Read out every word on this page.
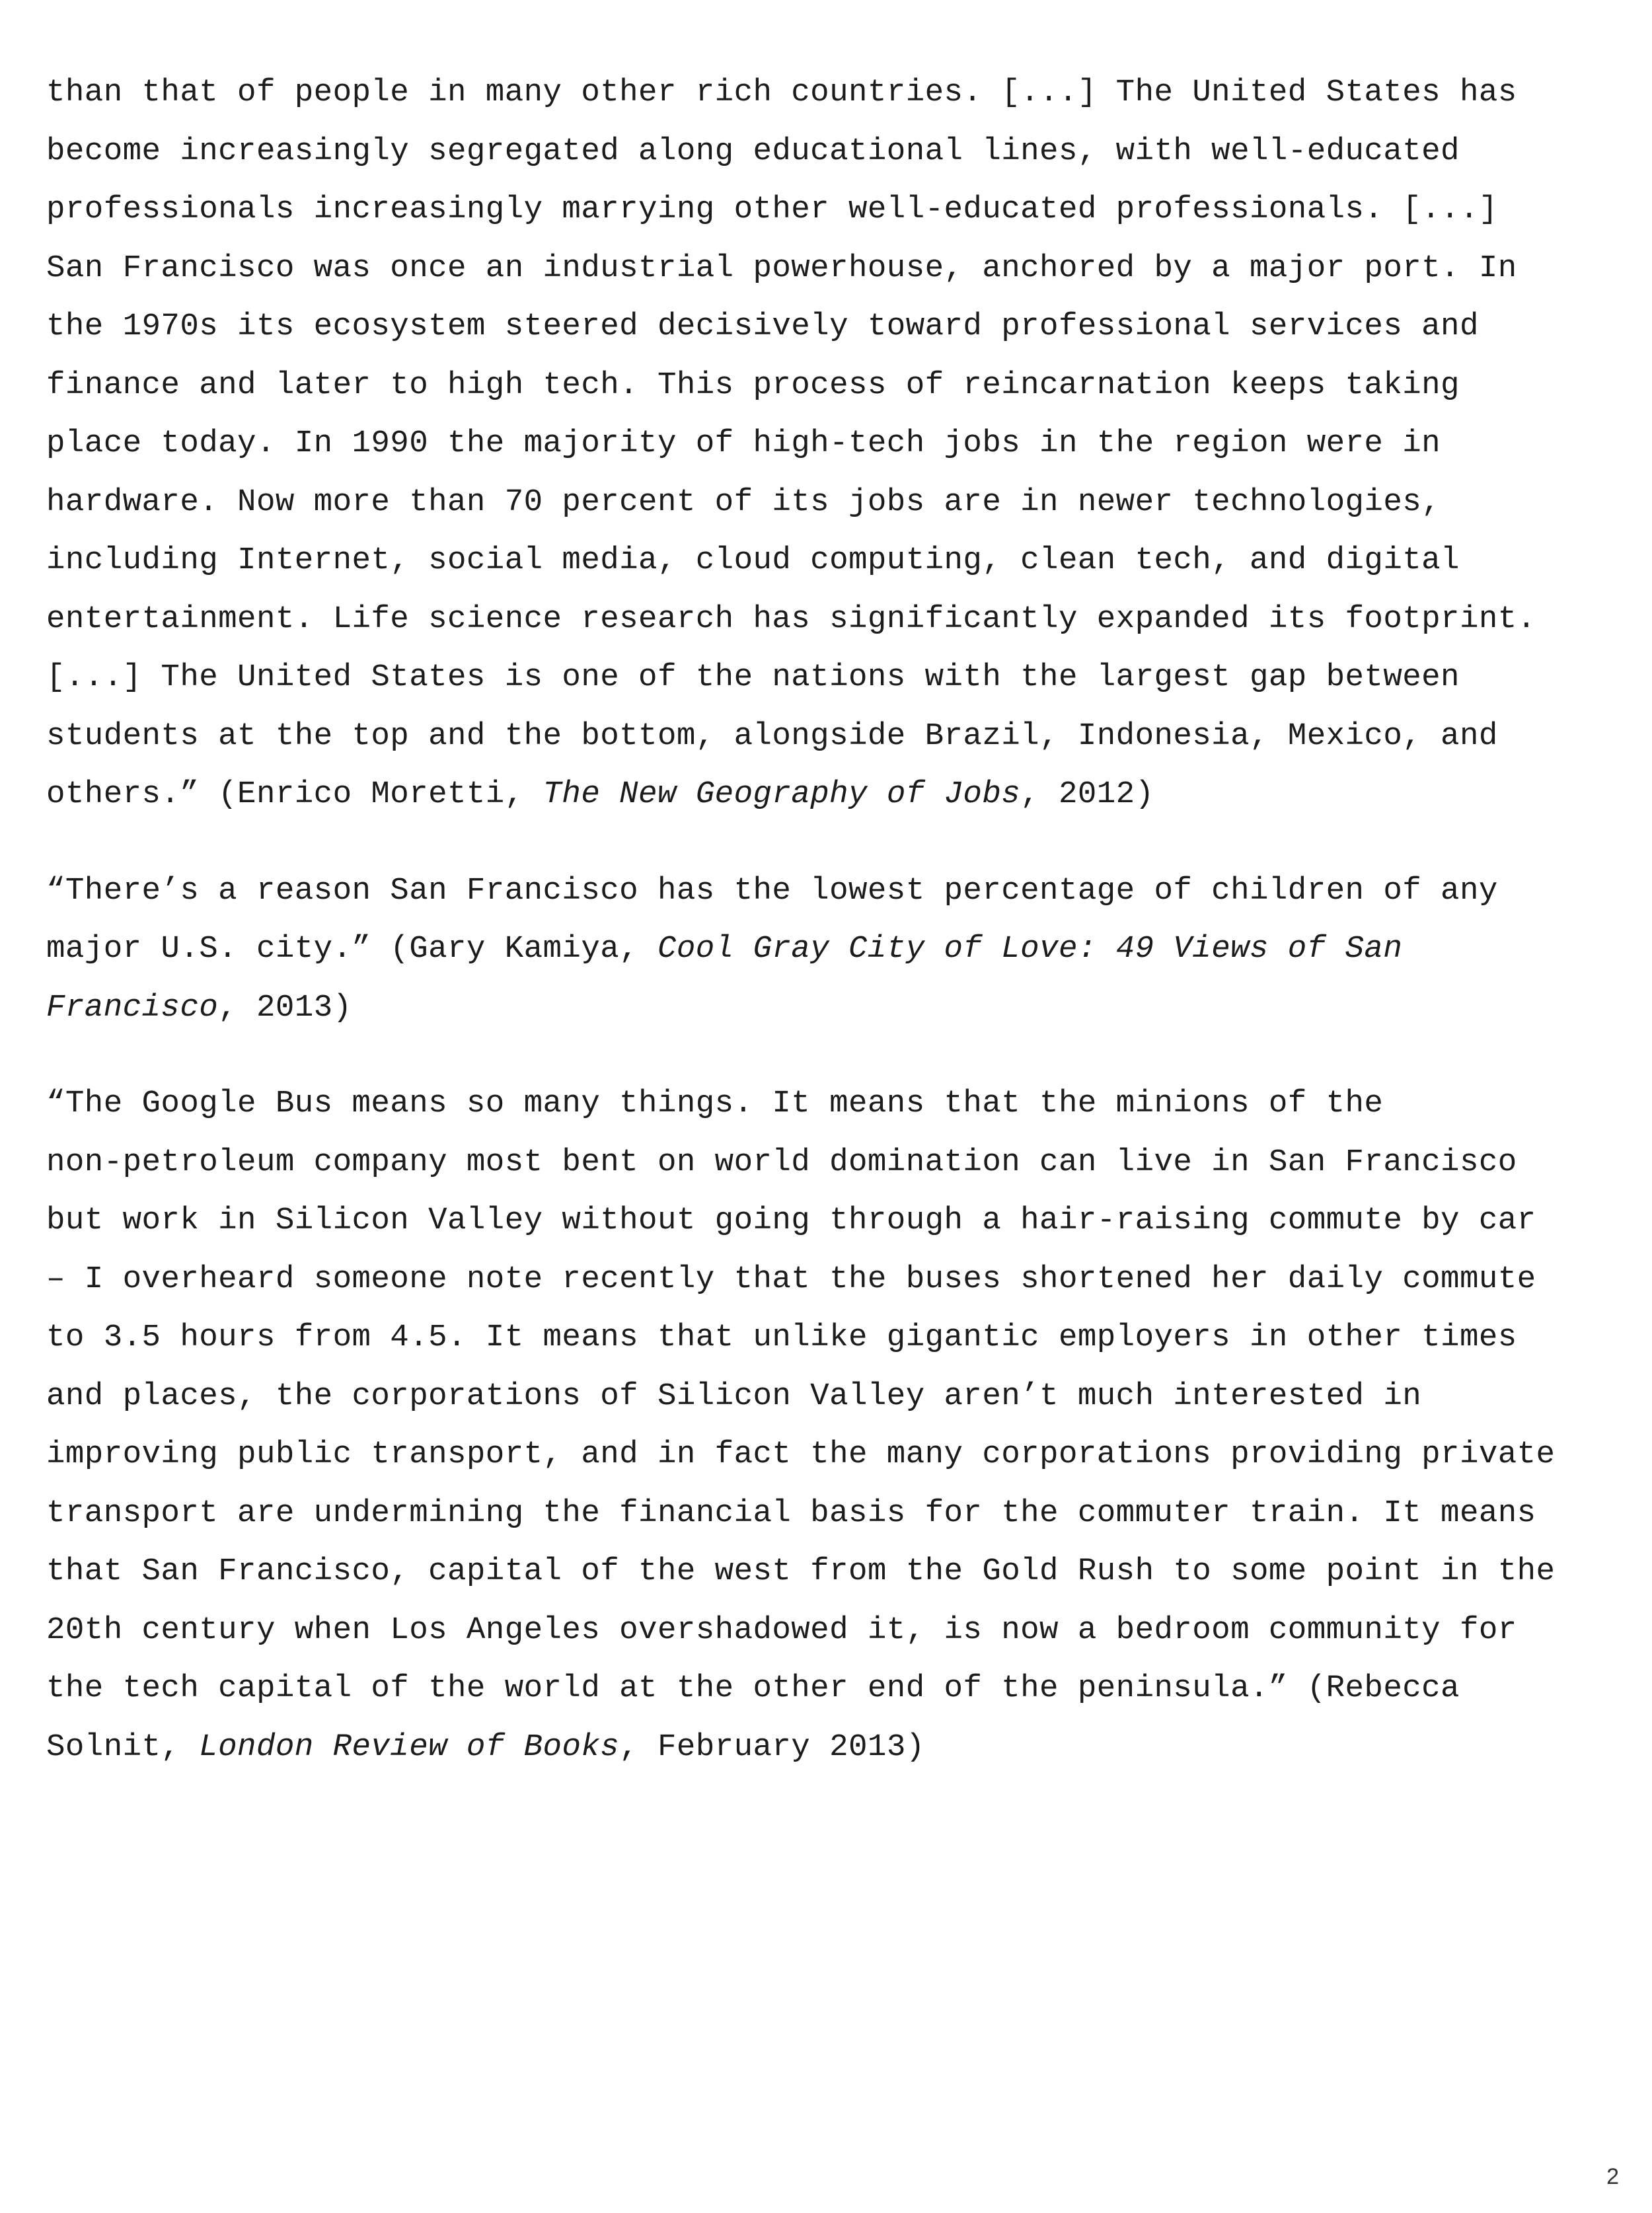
than that of people in many other rich countries. [...] The United States has
become increasingly segregated along educational lines, with well-educated
professionals increasingly marrying other well-educated professionals. [...]
San Francisco was once an industrial powerhouse, anchored by a major port. In
the 1970s its ecosystem steered decisively toward professional services and
finance and later to high tech. This process of reincarnation keeps taking
place today. In 1990 the majority of high-tech jobs in the region were in
hardware. Now more than 70 percent of its jobs are in newer technologies,
including Internet, social media, cloud computing, clean tech, and digital
entertainment. Life science research has significantly expanded its footprint.
[...] The United States is one of the nations with the largest gap between
students at the top and the bottom, alongside Brazil, Indonesia, Mexico, and
others.” (Enrico Moretti, The New Geography of Jobs, 2012)
“There’s a reason San Francisco has the lowest percentage of children of any
major U.S. city.” (Gary Kamiya, Cool Gray City of Love: 49 Views of San
Francisco, 2013)
“The Google Bus means so many things. It means that the minions of the
non-petroleum company most bent on world domination can live in San Francisco
but work in Silicon Valley without going through a hair-raising commute by car
– I overheard someone note recently that the buses shortened her daily commute
to 3.5 hours from 4.5. It means that unlike gigantic employers in other times
and places, the corporations of Silicon Valley aren’t much interested in
improving public transport, and in fact the many corporations providing private
transport are undermining the financial basis for the commuter train. It means
that San Francisco, capital of the west from the Gold Rush to some point in the
20th century when Los Angeles overshadowed it, is now a bedroom community for
the tech capital of the world at the other end of the peninsula.” (Rebecca
Solnit, London Review of Books, February 2013)
2
